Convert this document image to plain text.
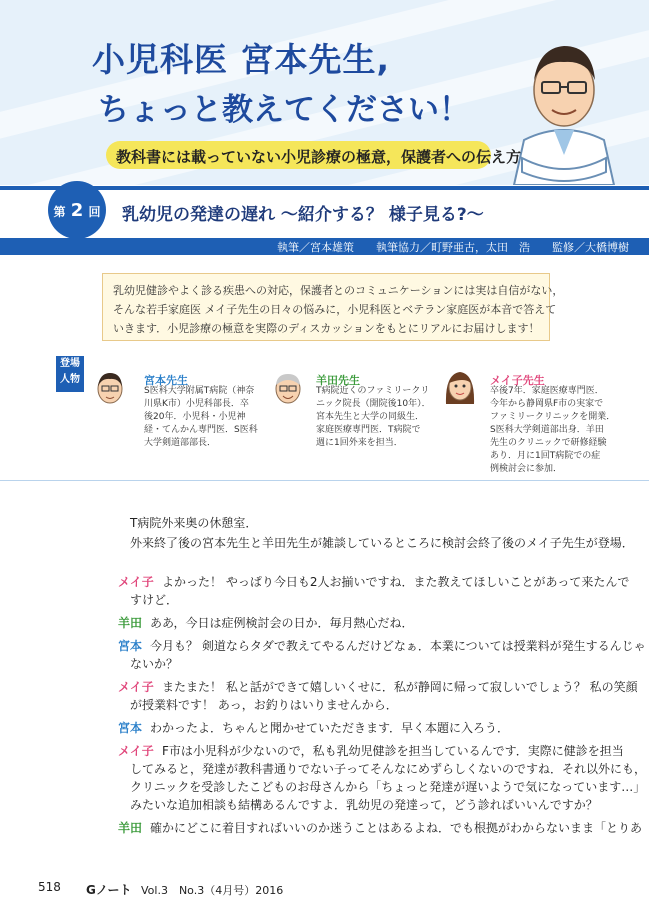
小児科医 宮本先生,
ちょっと教えてください！
教科書には載っていない小児診療の極意，保護者への伝え方
第 2 回	乳幼児の発達の遅れ ～紹介する？ 様子見る?～
執筆／宮本雄策　　執筆協力／町野亜古，太田　浩　　監修／大橋博樹
乳幼児健診やよく診る疾患への対応，保護者とのコミュニケーションには実は自信がない，
そんな若手家庭医 メイ子先生の日々の悩みに，小児科医とベテラン家庭医が本音で答えて
いきます．小児診療の極意を実際のディスカッションをもとにリアルにお届けします！
登場人物	宮本先生
S医科大学附属T病院（神奈
川県K市）小児科部長．卒
後20年．小児科・小児神
経・てんかん専門医．S医科
大学剣道部部長．
羊田先生
T病院近くのファミリークリ
ニック院長（開院後10年）．
宮本先生と大学の同級生．
家庭医療専門医．T病院で
週に1回外来を担当．
メイ子先生
卒後7年．家庭医療専門医．
今年から静岡県F市の実家で
ファミリークリニックを開業．
S医科大学剣道部出身．羊田
先生のクリニックで研修経験
あり．月に1回T病院での症
例検討会に参加．
T病院外来奥の休憩室．
外来終了後の宮本先生と羊田先生が雑談しているところに検討会終了後のメイ子先生が登場．
メイ子 よかった！ やっぱり今日も2人お揃いですね．また教えてほしいことがあって来たんで
すけど．
羊田 ああ，今日は症例検討会の日か．毎月熱心だね．
宮本 今月も？ 剣道ならタダで教えてやるんだけどなぁ．本業については授業料が発生するんじゃ
ないか？
メイ子 またまた！ 私と話ができて嬉しいくせに．私が静岡に帰って寂しいでしょう？ 私の笑顔
が授業料です！ あっ，お釣りはいりませんから．
宮本 わかったよ．ちゃんと聞かせていただきます．早く本題に入ろう．
メイ子 F市は小児科が少ないので，私も乳幼児健診を担当しているんです．実際に健診を担当
してみると，発達が教科書通りでない子ってそんなにめずらしくないのですね．それ以外にも，
クリニックを受診したこどものお母さんから「ちょっと発達が遅いようで気になっています…」
みたいな追加相談も結構あるんですよ．乳幼児の発達って，どう診ればいいんですか？
羊田 確かにどこに着目すればいいのか迷うことはあるよね．でも根拠がわからないまま「とりあ
518 Gノート Vol.3　No.3（4月号）2016
